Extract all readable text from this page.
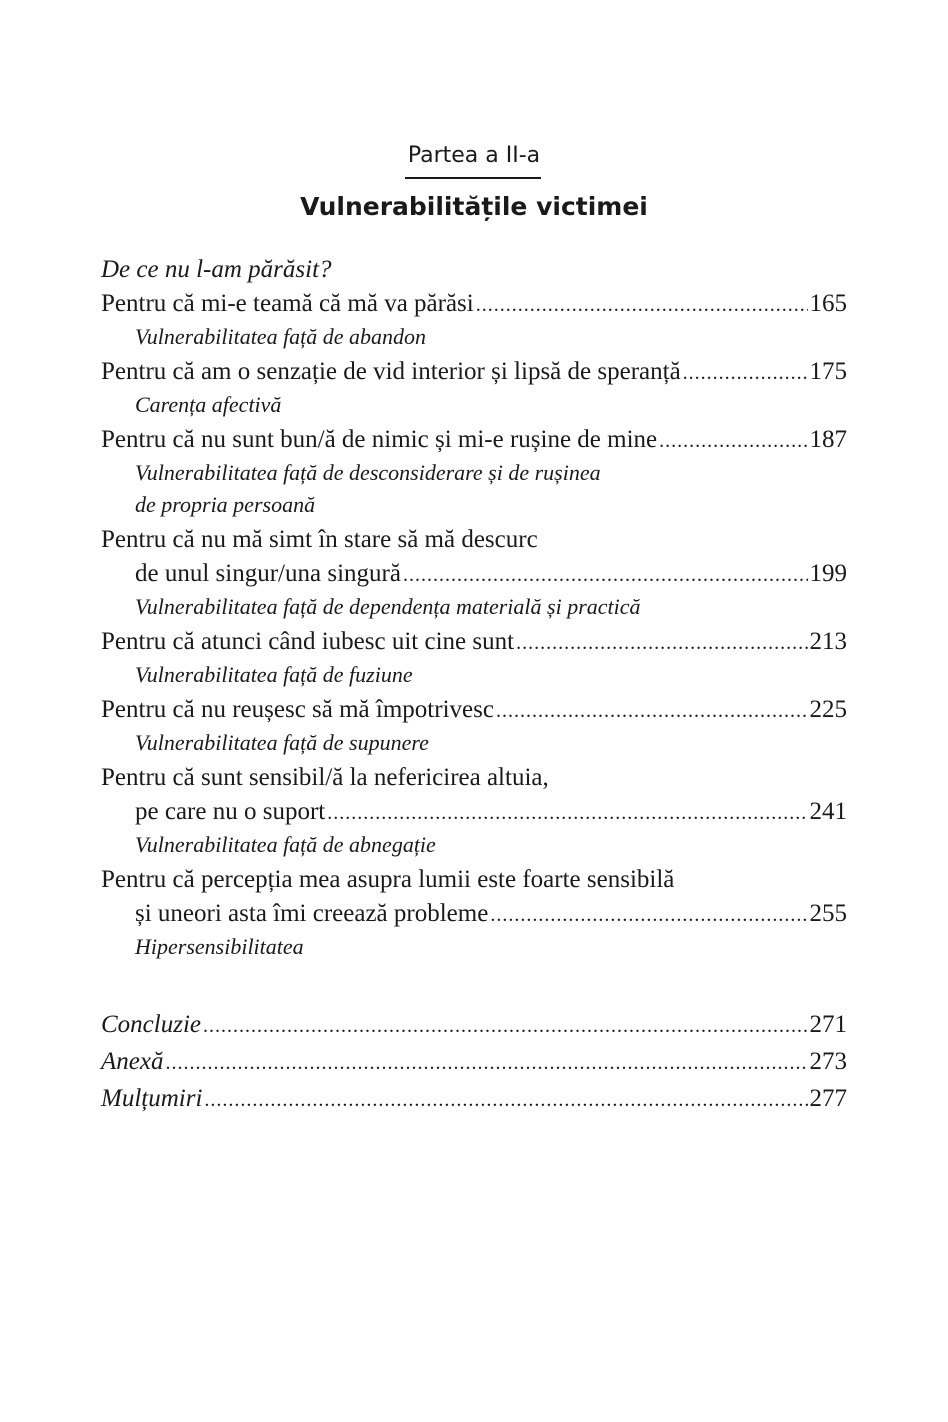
Partea a II-a
Vulnerabilitățile victimei
De ce nu l-am părăsit?
Pentru că mi-e teamă că mă va părăsi .....	165
Vulnerabilitatea față de abandon
Pentru că am o senzație de vid interior și lipsă de speranță .....	175
Carența afectivă
Pentru că nu sunt bun/ă de nimic și mi-e rușine de mine .....	187
Vulnerabilitatea față de desconsiderare și de rușinea
de propria persoană
Pentru că nu mă simt în stare să mă descurc
de unul singur/una singură .....	199
Vulnerabilitatea față de dependența materială și practică
Pentru că atunci când iubesc uit cine sunt .....	213
Vulnerabilitatea față de fuziune
Pentru că nu reușesc să mă împotrivesc .....	225
Vulnerabilitatea față de supunere
Pentru că sunt sensibil/ă la nefericirea altuia,
pe care nu o suport .....	241
Vulnerabilitatea față de abnegație
Pentru că percepția mea asupra lumii este foarte sensibilă
și uneori asta îmi creează probleme .....	255
Hipersensibilitatea
Concluzie .....	271
Anexă .....	273
Mulțumiri .....	277
